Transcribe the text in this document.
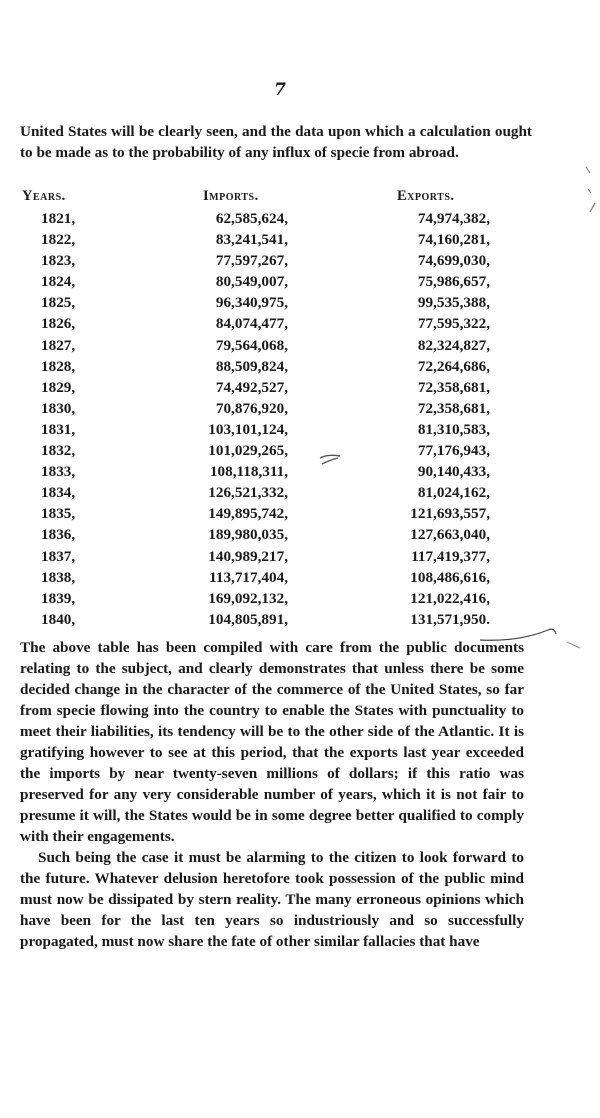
7

United States will be clearly seen, and the data upon which a calculation ought to be made as to the probability of any influx of specie from abroad.

Years.	Imports.	Exports.
1821,	62,585,624,	74,974,382,
1822,	83,241,541,	74,160,281,
1823,	77,597,267,	74,699,030,
1824,	80,549,007,	75,986,657,
1825,	96,340,975,	99,535,388,
1826,	84,074,477,	77,595,322,
1827,	79,564,068,	82,324,827,
1828,	88,509,824,	72,264,686,
1829,	74,492,527,	72,358,681,
1830,	70,876,920,	72,358,681,
1831,	103,101,124,	81,310,583,
1832,	101,029,265,	77,176,943,
1833,	108,118,311,	90,140,433,
1834,	126,521,332,	81,024,162,
1835,	149,895,742,	121,693,557,
1836,	189,980,035,	127,663,040,
1837,	140,989,217,	117,419,377,
1838,	113,717,404,	108,486,616,
1839,	169,092,132,	121,022,416,
1840,	104,805,891,	131,571,950.

The above table has been compiled with care from the public documents relating to the subject, and clearly demonstrates that unless there be some decided change in the character of the commerce of the United States, so far from specie flowing into the country to enable the States with punctuality to meet their liabilities, its tendency will be to the other side of the Atlantic. It is gratifying however to see at this period, that the exports last year exceeded the imports by near twenty-seven millions of dollars; if this ratio was preserved for any very considerable number of years, which it is not fair to presume it will, the States would be in some degree better qualified to comply with their engagements.

Such being the case it must be alarming to the citizen to look forward to the future. Whatever delusion heretofore took possession of the public mind must now be dissipated by stern reality. The many erroneous opinions which have been for the last ten years so industriously and so successfully propagated, must now share the fate of other similar fallacies that have
